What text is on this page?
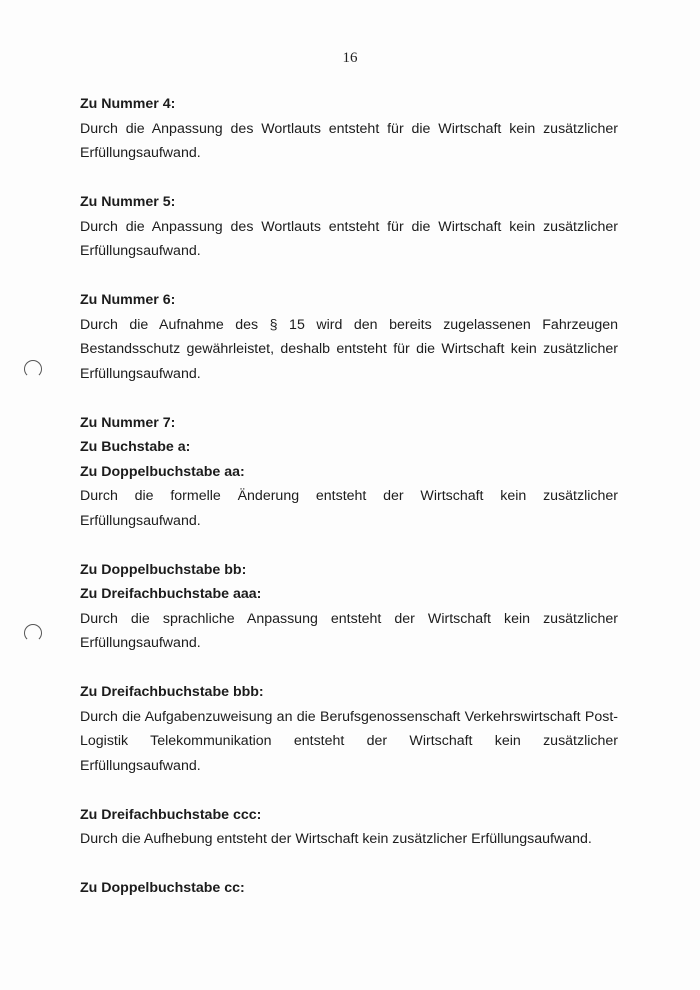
16

Zu Nummer 4:

Durch die Anpassung des Wortlauts entsteht für die Wirtschaft kein zusätzlicher Erfüllungsaufwand.

Zu Nummer 5:

Durch die Anpassung des Wortlauts entsteht für die Wirtschaft kein zusätzlicher Erfüllungsaufwand.

Zu Nummer 6:

Durch die Aufnahme des § 15 wird den bereits zugelassenen Fahrzeugen Bestandsschutz gewährleistet, deshalb entsteht für die Wirtschaft kein zusätzlicher Erfüllungsaufwand.

Zu Nummer 7:

Zu Buchstabe a:

Zu Doppelbuchstabe aa:

Durch die formelle Änderung entsteht der Wirtschaft kein zusätzlicher Erfüllungsaufwand.

Zu Doppelbuchstabe bb:

Zu Dreifachbuchstabe aaa:

Durch die sprachliche Anpassung entsteht der Wirtschaft kein zusätzlicher Erfüllungsaufwand.

Zu Dreifachbuchstabe bbb:

Durch die Aufgabenzuweisung an die Berufsgenossenschaft Verkehrswirtschaft Post-Logistik Telekommunikation entsteht der Wirtschaft kein zusätzlicher Erfüllungsaufwand.

Zu Dreifachbuchstabe ccc:

Durch die Aufhebung entsteht der Wirtschaft kein zusätzlicher Erfüllungsaufwand.

Zu Doppelbuchstabe cc:
